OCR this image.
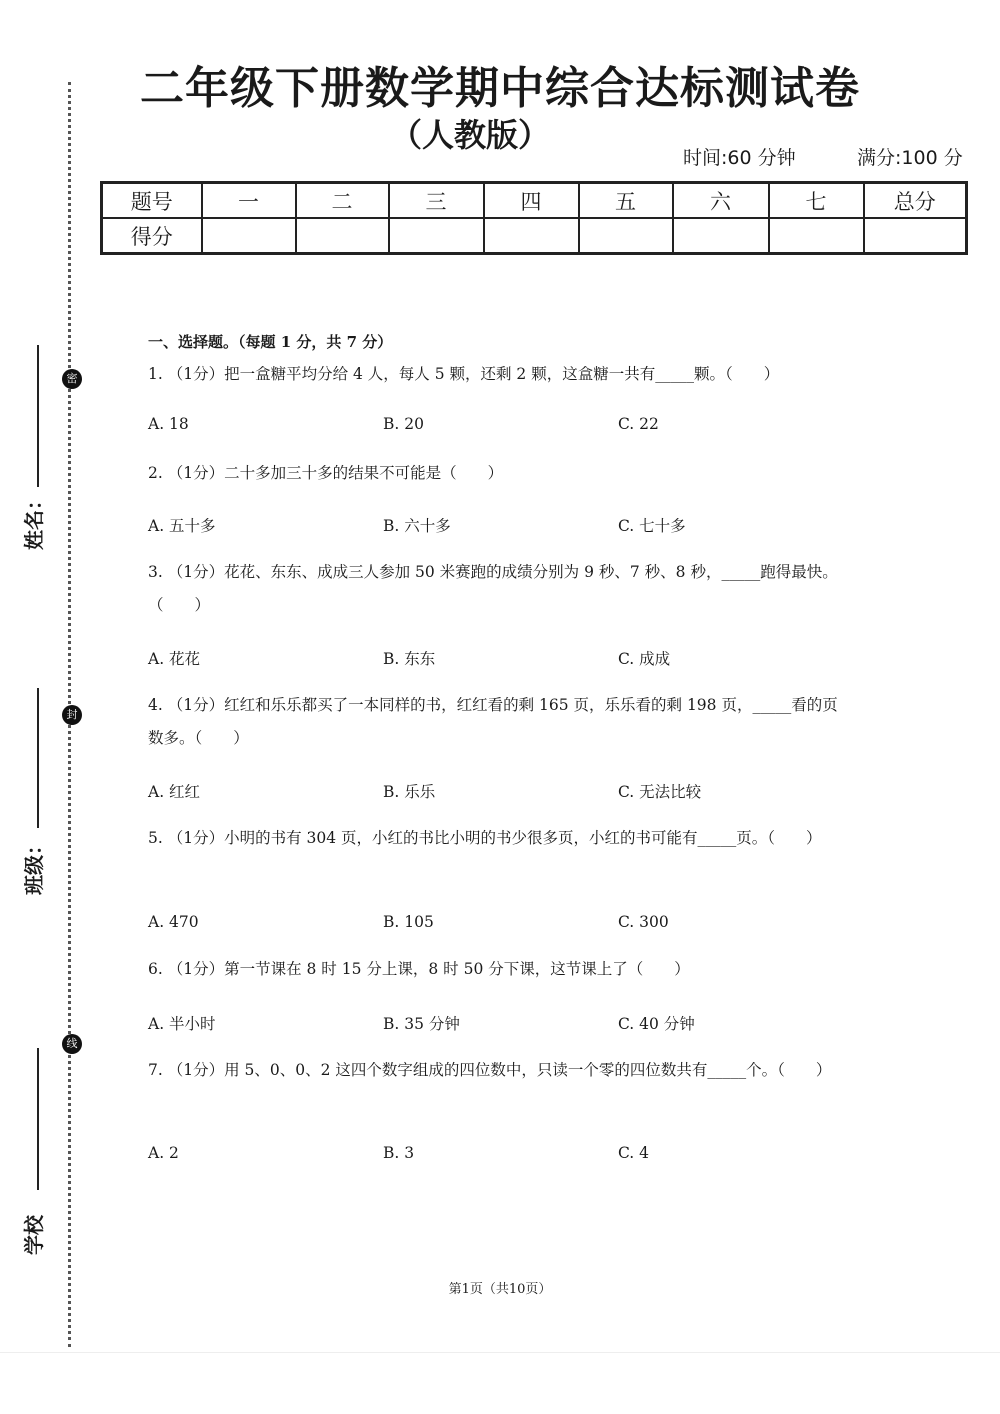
二年级下册数学期中综合达标测试卷
（人教版）
时间:60 分钟	满分:100 分
题号	一	二	三	四	五	六	七	总分
得分								
密
封
线
姓名：
班级：
学校
一、选择题。（每题 1 分，共 7 分）
1. （1分）把一盒糖平均分给 4 人，每人 5 颗，还剩 2 颗，这盒糖一共有_____颗。（　　）
A. 18	B. 20	C. 22
2. （1分）二十多加三十多的结果不可能是（　　）
A. 五十多	B. 六十多	C. 七十多
3. （1分）花花、东东、成成三人参加 50 米赛跑的成绩分别为 9 秒、7 秒、8 秒，_____跑得最快。（　　）
A. 花花	B. 东东	C. 成成
4. （1分）红红和乐乐都买了一本同样的书，红红看的剩 165 页，乐乐看的剩 198 页，_____看的页数多。（　　）
A. 红红	B. 乐乐	C. 无法比较
5. （1分）小明的书有 304 页，小红的书比小明的书少很多页，小红的书可能有_____页。（　　）
A. 470	B. 105	C. 300
6. （1分）第一节课在 8 时 15 分上课，8 时 50 分下课，这节课上了（　　）
A. 半小时	B. 35 分钟	C. 40 分钟
7. （1分）用 5、0、0、2 这四个数字组成的四位数中，只读一个零的四位数共有_____个。（　　）
A. 2	B. 3	C. 4
第1页（共10页）
